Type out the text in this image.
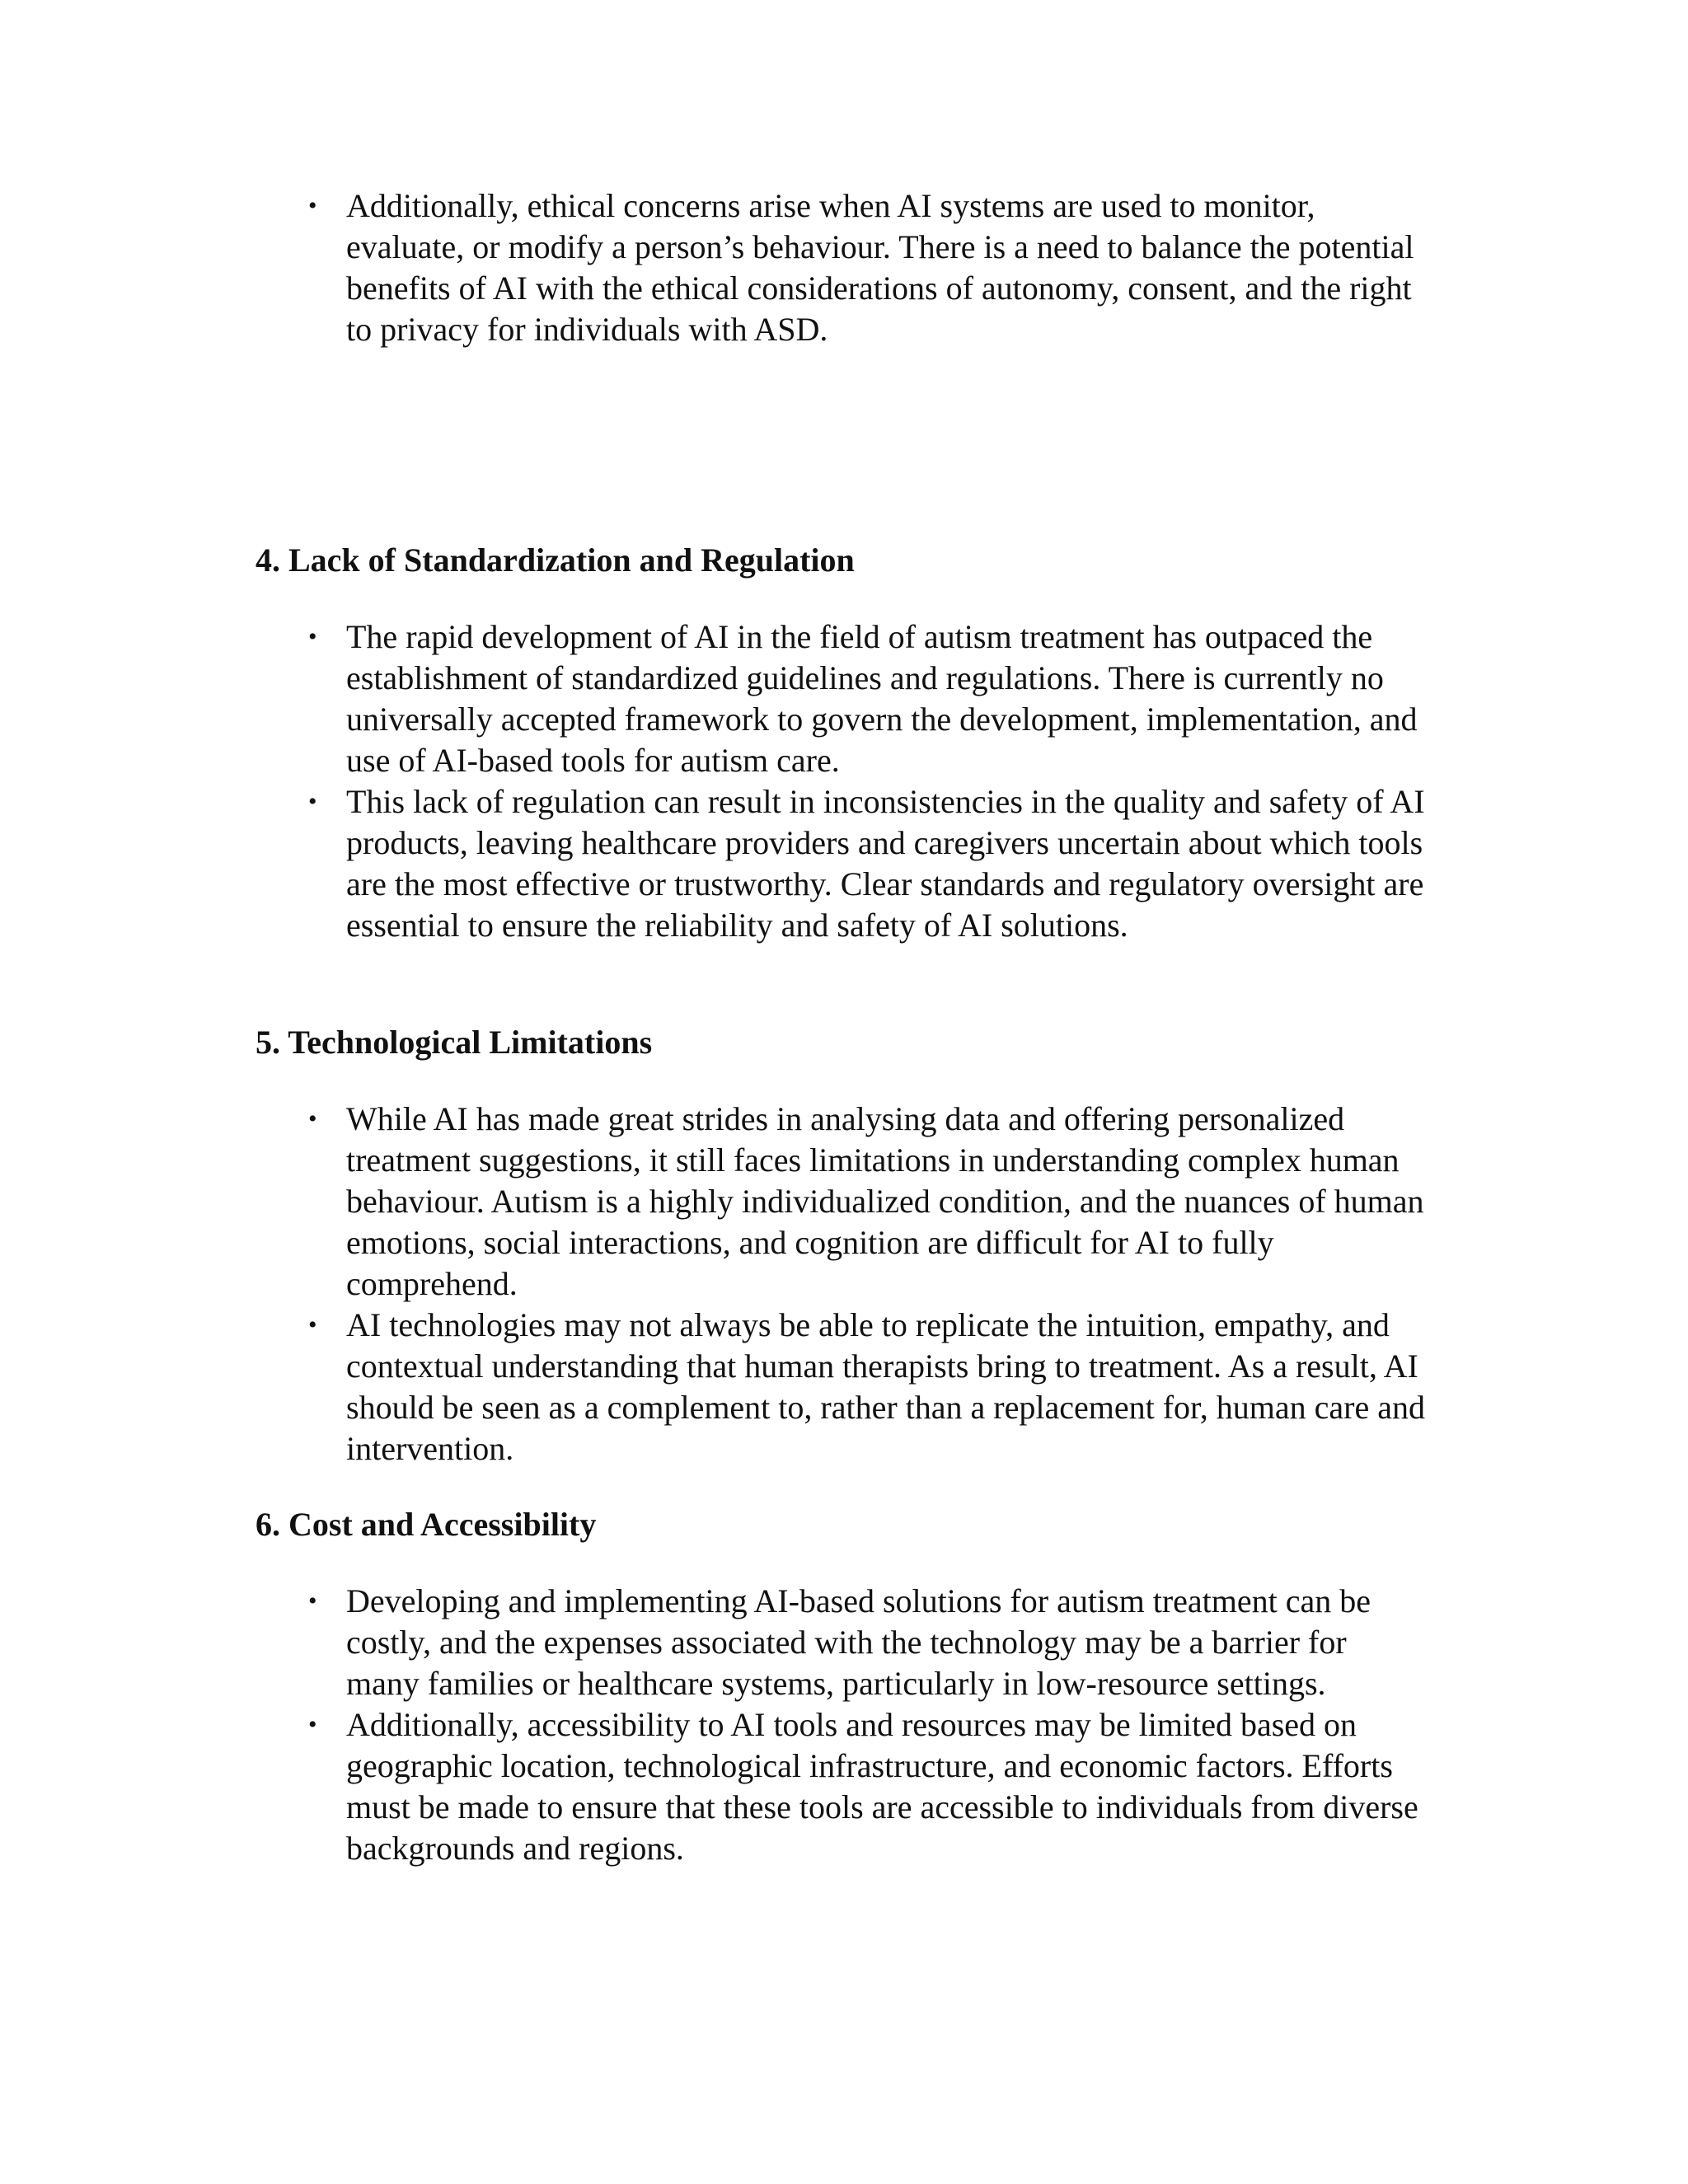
• Additionally, ethical concerns arise when AI systems are used to monitor, evaluate, or modify a person’s behaviour. There is a need to balance the potential benefits of AI with the ethical considerations of autonomy, consent, and the right to privacy for individuals with ASD.
4. Lack of Standardization and Regulation
• The rapid development of AI in the field of autism treatment has outpaced the establishment of standardized guidelines and regulations. There is currently no universally accepted framework to govern the development, implementation, and use of AI-based tools for autism care.
• This lack of regulation can result in inconsistencies in the quality and safety of AI products, leaving healthcare providers and caregivers uncertain about which tools are the most effective or trustworthy. Clear standards and regulatory oversight are essential to ensure the reliability and safety of AI solutions.
5. Technological Limitations
• While AI has made great strides in analysing data and offering personalized treatment suggestions, it still faces limitations in understanding complex human behaviour. Autism is a highly individualized condition, and the nuances of human emotions, social interactions, and cognition are difficult for AI to fully comprehend.
• AI technologies may not always be able to replicate the intuition, empathy, and contextual understanding that human therapists bring to treatment. As a result, AI should be seen as a complement to, rather than a replacement for, human care and intervention.
6. Cost and Accessibility
• Developing and implementing AI-based solutions for autism treatment can be costly, and the expenses associated with the technology may be a barrier for many families or healthcare systems, particularly in low-resource settings.
• Additionally, accessibility to AI tools and resources may be limited based on geographic location, technological infrastructure, and economic factors. Efforts must be made to ensure that these tools are accessible to individuals from diverse backgrounds and regions.
